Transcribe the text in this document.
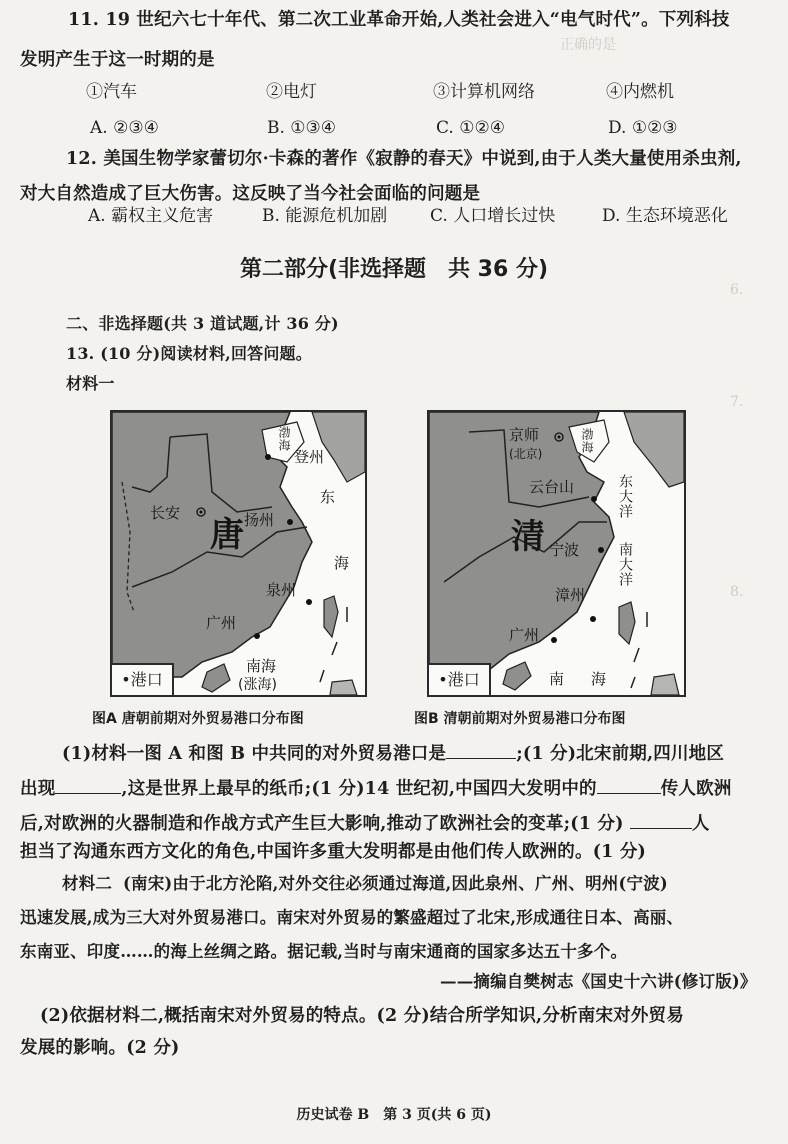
正确的是
6.
7.
8.
11. 19 世纪六七十年代、第二次工业革命开始,人类社会进入“电气时代”。下列科技
发明产生于这一时期的是
①汽车	②电灯	③计算机网络	④内燃机
A. ②③④	B. ①③④	C. ①②④	D. ①②③
12. 美国生物学家蕾切尔·卡森的著作《寂静的春天》中说到,由于人类大量使用杀虫剂,
对大自然造成了巨大伤害。这反映了当今社会面临的问题是
A. 霸权主义危害	B. 能源危机加剧	C. 人口增长过快	D. 生态环境恶化
第二部分(非选择题　共 36 分)
二、非选择题(共 3 道试题,计 36 分)
13. (10 分)阅读材料,回答问题。
材料一
渤海
登州
东
长安
唐 扬州
海
泉州
广州
南海
(涨海)
•港口
京师
(北京)	渤海
云台山	东大洋
清 宁波	南大洋
漳州
广州
南 海
•港口
图A 唐朝前期对外贸易港口分布图	图B 清朝前期对外贸易港口分布图
(1)材料一图 A 和图 B 中共同的对外贸易港口是	;(1 分)北宋前期,四川地区
出现	,这是世界上最早的纸币;(1 分)14 世纪初,中国四大发明中的	传人欧洲
后,对欧洲的火器制造和作战方式产生巨大影响,推动了欧洲社会的变革;(1 分)	人
担当了沟通东西方文化的角色,中国许多重大发明都是由他们传人欧洲的。(1 分)
材料二 (南宋)由于北方沦陷,对外交往必须通过海道,因此泉州、广州、明州(宁波)
迅速发展,成为三大对外贸易港口。南宋对外贸易的繁盛超过了北宋,形成通往日本、高丽、
东南亚、印度……的海上丝绸之路。据记载,当时与南宋通商的国家多达五十多个。
——摘编自樊树志《国史十六讲(修订版)》
(2)依据材料二,概括南宋对外贸易的特点。(2 分)结合所学知识,分析南宋对外贸易
发展的影响。(2 分)
历史试卷 B　第 3 页(共 6 页)
